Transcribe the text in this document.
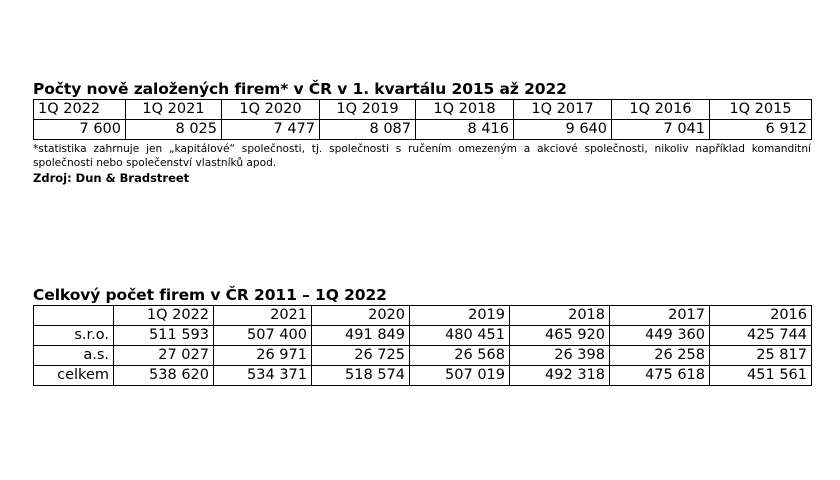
Počty nově založených firem* v ČR v 1. kvartálu 2015 až 2022
1Q 2022	1Q 2021	1Q 2020	1Q 2019	1Q 2018	1Q 2017	1Q 2016	1Q 2015
7 600	8 025	7 477	8 087	8 416	9 640	7 041	6 912

*statistika zahrnuje jen „kapitálové“ společnosti, tj. společnosti s ručením omezeným a akciové společnosti, nikoliv například komanditní společnosti nebo společenství vlastníků apod.

Zdroj: Dun & Bradstreet

Celkový počet firem v ČR 2011 – 1Q 2022
	1Q 2022	2021	2020	2019	2018	2017	2016
s.r.o.	511 593	507 400	491 849	480 451	465 920	449 360	425 744
a.s.	27 027	26 971	26 725	26 568	26 398	26 258	25 817
celkem	538 620	534 371	518 574	507 019	492 318	475 618	451 561
